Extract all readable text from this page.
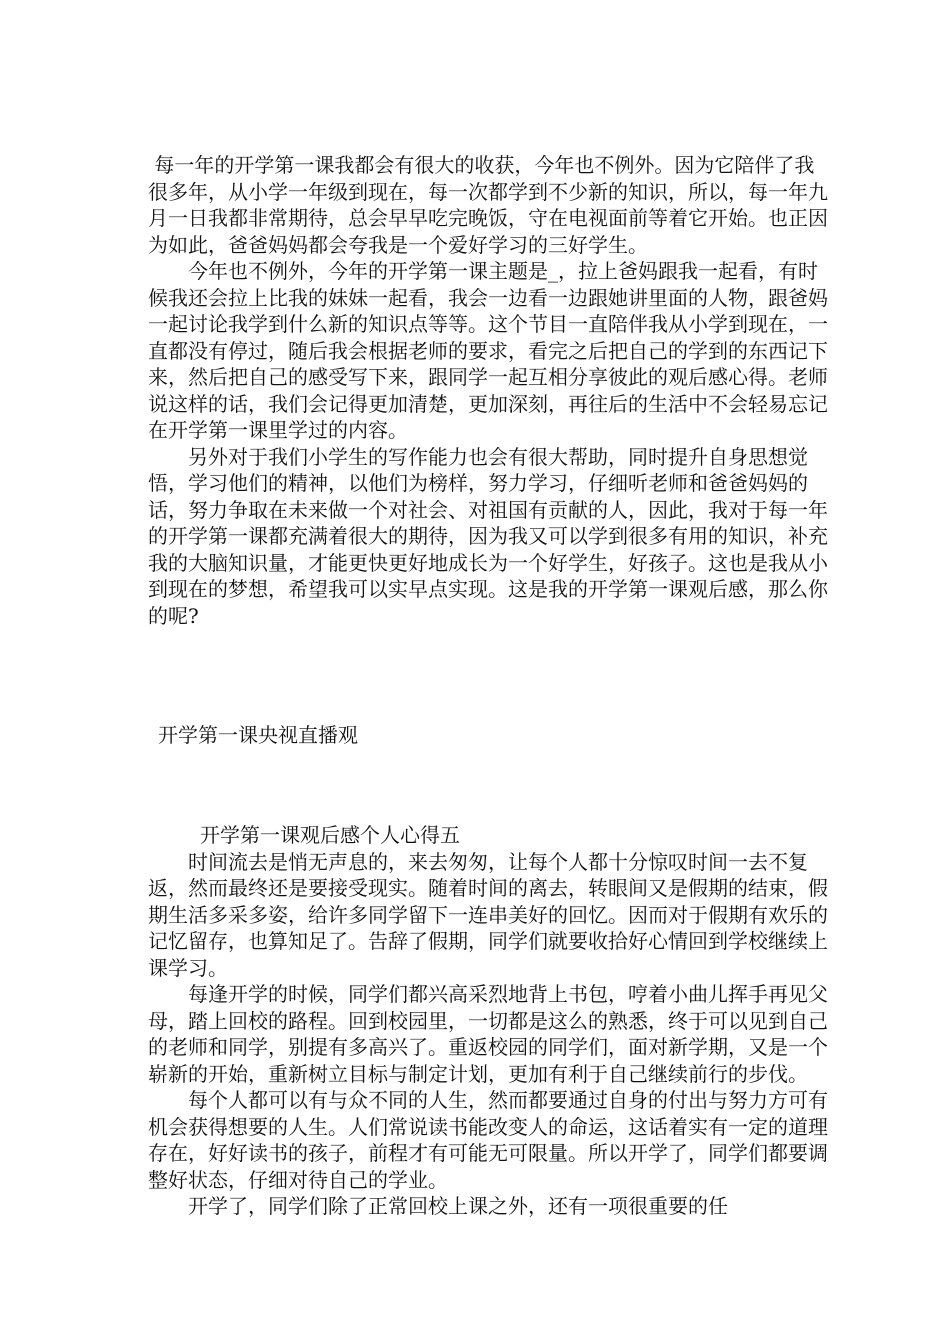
每一年的开学第一课我都会有很大的收获，今年也不例外。因为它陪伴了我很多年，从小学一年级到现在，每一次都学到不少新的知识，所以，每一年九月一日我都非常期待，总会早早吃完晚饭，守在电视面前等着它开始。也正因为如此，爸爸妈妈都会夸我是一个爱好学习的三好学生。

今年也不例外，今年的开学第一课主题是_，拉上爸妈跟我一起看，有时候我还会拉上比我的妹妹一起看，我会一边看一边跟她讲里面的人物，跟爸妈一起讨论我学到什么新的知识点等等。这个节目一直陪伴我从小学到现在，一直都没有停过，随后我会根据老师的要求，看完之后把自己的学到的东西记下来，然后把自己的感受写下来，跟同学一起互相分享彼此的观后感心得。老师说这样的话，我们会记得更加清楚，更加深刻，再往后的生活中不会轻易忘记在开学第一课里学过的内容。

另外对于我们小学生的写作能力也会有很大帮助，同时提升自身思想觉悟，学习他们的精神，以他们为榜样，努力学习，仔细听老师和爸爸妈妈的话，努力争取在未来做一个对社会、对祖国有贡献的人，因此，我对于每一年的开学第一课都充满着很大的期待，因为我又可以学到很多有用的知识，补充我的大脑知识量，才能更快更好地成长为一个好学生，好孩子。这也是我从小到现在的梦想，希望我可以实早点实现。这是我的开学第一课观后感，那么你的呢?

开学第一课央视直播观

开学第一课观后感个人心得五

时间流去是悄无声息的，来去匆匆，让每个人都十分惊叹时间一去不复返，然而最终还是要接受现实。随着时间的离去，转眼间又是假期的结束，假期生活多采多姿，给许多同学留下一连串美好的回忆。因而对于假期有欢乐的记忆留存，也算知足了。告辞了假期，同学们就要收拾好心情回到学校继续上课学习。

每逢开学的时候，同学们都兴高采烈地背上书包，哼着小曲儿挥手再见父母，踏上回校的路程。回到校园里，一切都是这么的熟悉，终于可以见到自己的老师和同学，别提有多高兴了。重返校园的同学们，面对新学期，又是一个崭新的开始，重新树立目标与制定计划，更加有利于自己继续前行的步伐。

每个人都可以有与众不同的人生，然而都要通过自身的付出与努力方可有机会获得想要的人生。人们常说读书能改变人的命运，这话着实有一定的道理存在，好好读书的孩子，前程才有可能无可限量。所以开学了，同学们都要调整好状态，仔细对待自己的学业。

开学了，同学们除了正常回校上课之外，还有一项很重要的任
